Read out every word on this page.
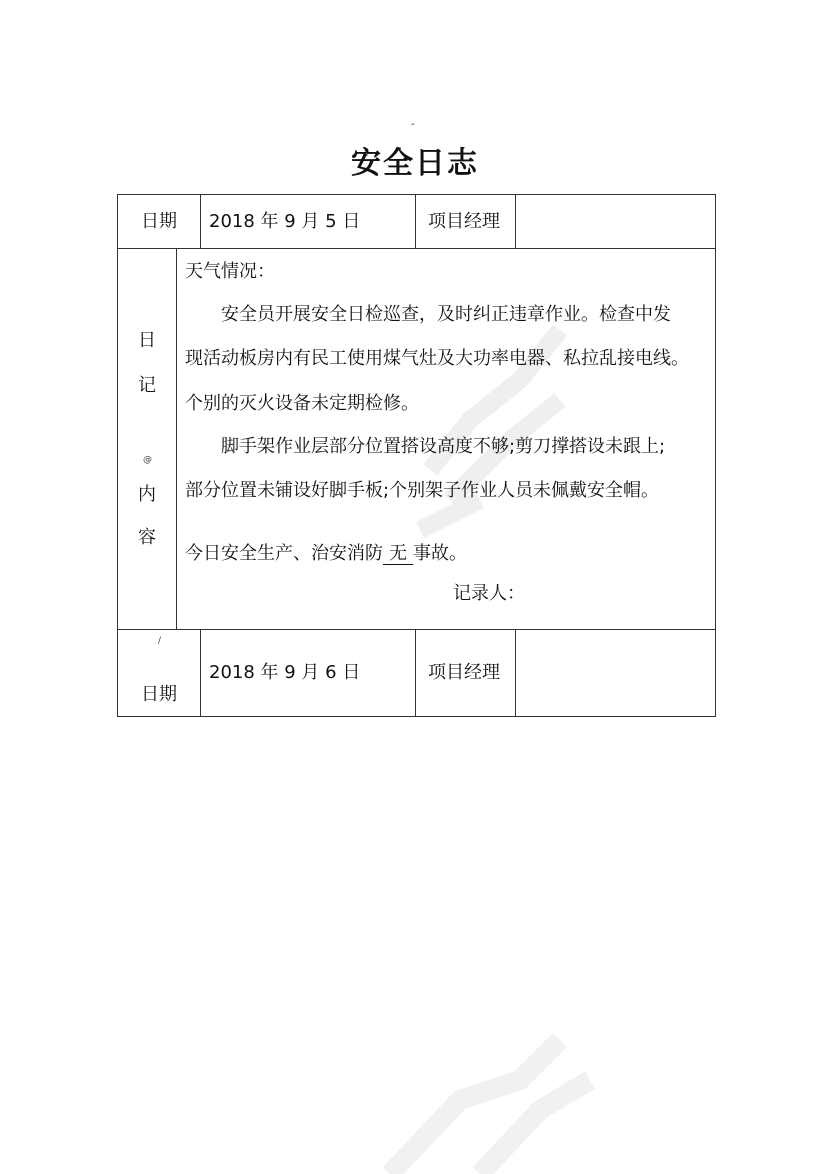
-
安全日志
日期 2018 年 9 月 5 日	项目经理
日
记
@
内
容
天气情况：
安全员开展安全日检巡查，及时纠正违章作业。检查中发
现活动板房内有民工使用煤气灶及大功率电器、私拉乱接电线。
个别的灭火设备未定期检修。
脚手架作业层部分位置搭设高度不够;剪刀撑搭设未跟上;
部分位置未铺设好脚手板;个别架子作业人员未佩戴安全帽。
今日安全生产、治安消防 无 事故。
记录人：
/
日期
2018 年 9 月 6 日	项目经理
